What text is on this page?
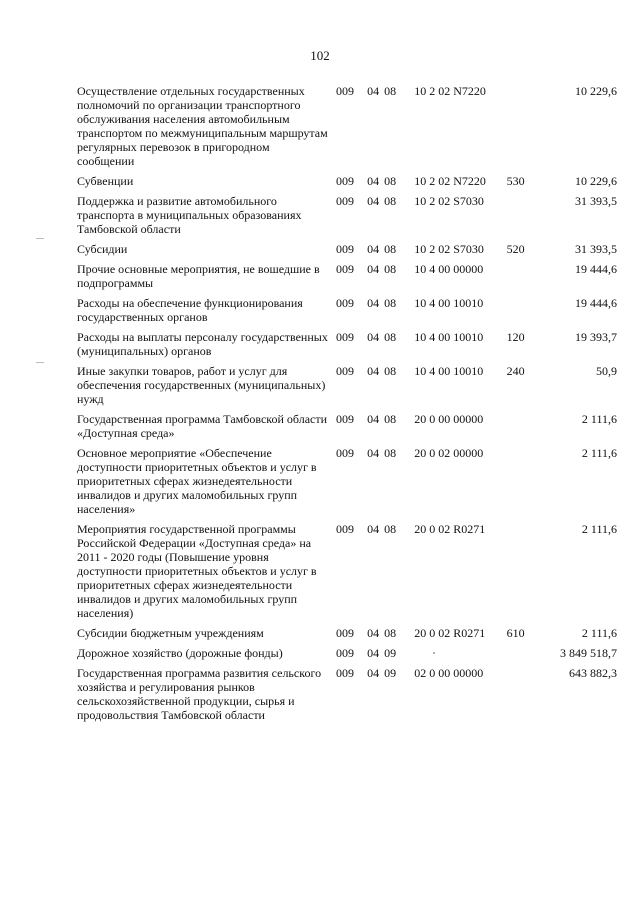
102
Осуществление отдельных государственных полномочий по организации транспортного обслуживания населения автомобильным транспортом по межмуниципальным маршрутам регулярных перевозок в пригородном сообщении	009	04	08	10 2 02 N7220		10 229,6
Субвенции	009	04	08	10 2 02 N7220	530	10 229,6
Поддержка и развитие автомобильного транспорта в муниципальных образованиях Тамбовской области	009	04	08	10 2 02 S7030		31 393,5
Субсидии	009	04	08	10 2 02 S7030	520	31 393,5
Прочие основные мероприятия, не вошедшие в подпрограммы	009	04	08	10 4 00 00000		19 444,6
Расходы на обеспечение функционирования государственных органов	009	04	08	10 4 00 10010		19 444,6
Расходы на выплаты персоналу государственных (муниципальных) органов	009	04	08	10 4 00 10010	120	19 393,7
Иные закупки товаров, работ и услуг для обеспечения государственных (муниципальных) нужд	009	04	08	10 4 00 10010	240	50,9
Государственная программа Тамбовской области «Доступная среда»	009	04	08	20 0 00 00000		2 111,6
Основное мероприятие «Обеспечение доступности приоритетных объектов и услуг в приоритетных сферах жизнедеятельности инвалидов и других маломобильных групп населения»	009	04	08	20 0 02 00000		2 111,6
Мероприятия государственной программы Российской Федерации «Доступная среда» на 2011 - 2020 годы (Повышение уровня доступности приоритетных объектов и услуг в приоритетных сферах жизнедеятельности инвалидов и других маломобильных групп населения)	009	04	08	20 0 02 R0271		2 111,6
Субсидии бюджетным учреждениям	009	04	08	20 0 02 R0271	610	2 111,6
Дорожное хозяйство (дорожные фонды)	009	04	09			3 849 518,7
Государственная программа развития сельского хозяйства и регулирования рынков сельскохозяйственной продукции, сырья и продовольствия Тамбовской области	009	04	09	02 0 00 00000		643 882,3
